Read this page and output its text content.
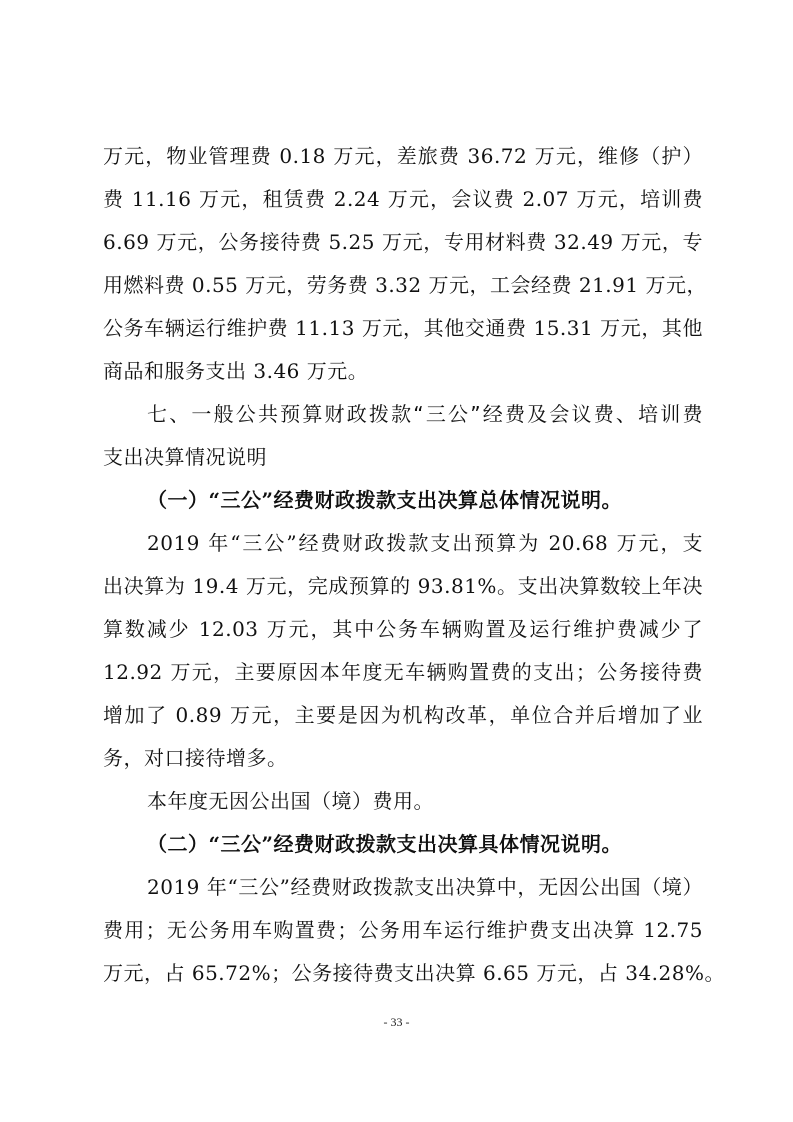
万元，物业管理费 0.18 万元，差旅费 36.72 万元，维修（护）
费 11.16 万元，租赁费 2.24 万元，会议费 2.07 万元，培训费
6.69 万元，公务接待费 5.25 万元，专用材料费 32.49 万元，专
用燃料费 0.55 万元，劳务费 3.32 万元，工会经费 21.91 万元，
公务车辆运行维护费 11.13 万元，其他交通费 15.31 万元，其他
商品和服务支出 3.46 万元。
七、一般公共预算财政拨款“三公”经费及会议费、培训费
支出决算情况说明
（一）“三公”经费财政拨款支出决算总体情况说明。
2019 年“三公”经费财政拨款支出预算为 20.68 万元，支
出决算为 19.4 万元，完成预算的 93.81%。支出决算数较上年决
算数减少 12.03 万元，其中公务车辆购置及运行维护费减少了
12.92 万元，主要原因本年度无车辆购置费的支出；公务接待费
增加了 0.89 万元，主要是因为机构改革，单位合并后增加了业
务，对口接待增多。
本年度无因公出国（境）费用。
（二）“三公”经费财政拨款支出决算具体情况说明。
2019 年“三公”经费财政拨款支出决算中，无因公出国（境）
费用；无公务用车购置费；公务用车运行维护费支出决算 12.75
万元，占 65.72%；公务接待费支出决算 6.65 万元，占 34.28%。
- 33 -
